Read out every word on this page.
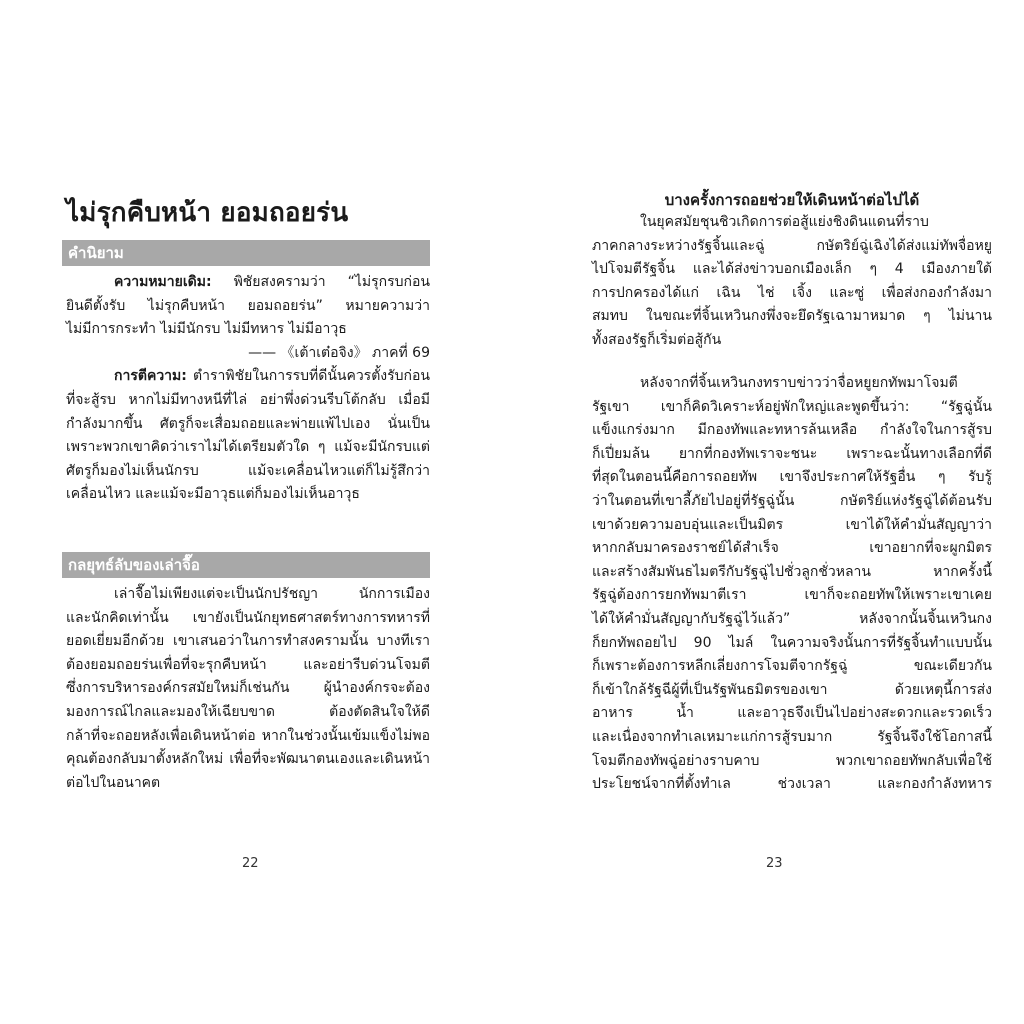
ไม่รุกคืบหน้า ยอมถอยร่น
คำนิยาม
ความหมายเดิม: พิชัยสงครามว่า “ไม่รุกรบก่อน
ยินดีตั้งรับ ไม่รุกคืบหน้า ยอมถอยร่น” หมายความว่า
ไม่มีการกระทำ ไม่มีนักรบ ไม่มีทหาร ไม่มีอาวุธ
—— 《เต้าเต๋อจิง》 ภาคที่ 69
การตีความ: ตำราพิชัยในการรบที่ดีนั้นควรตั้งรับก่อน
ที่จะสู้รบ หากไม่มีทางหนีที่ไล่ อย่าพึ่งด่วนรีบโต้กลับ เมื่อมี
กำลังมากขึ้น ศัตรูก็จะเสื่อมถอยและพ่ายแพ้ไปเอง นั่นเป็น
เพราะพวกเขาคิดว่าเราไม่ได้เตรียมตัวใด ๆ แม้จะมีนักรบแต่
ศัตรูก็มองไม่เห็นนักรบ แม้จะเคลื่อนไหวแต่ก็ไม่รู้สึกว่า
เคลื่อนไหว และแม้จะมีอาวุธแต่ก็มองไม่เห็นอาวุธ
กลยุทธ์ลับของเล่าจื๊อ
เล่าจื๊อไม่เพียงแต่จะเป็นนักปรัชญา นักการเมือง
และนักคิดเท่านั้น เขายังเป็นนักยุทธศาสตร์ทางการทหารที่
ยอดเยี่ยมอีกด้วย เขาเสนอว่าในการทำสงครามนั้น บางทีเรา
ต้องยอมถอยร่นเพื่อที่จะรุกคืบหน้า และอย่ารีบด่วนโจมตี
ซึ่งการบริหารองค์กรสมัยใหม่ก็เช่นกัน ผู้นำองค์กรจะต้อง
มองการณ์ไกลและมองให้เฉียบขาด ต้องตัดสินใจให้ดี
กล้าที่จะถอยหลังเพื่อเดินหน้าต่อ หากในช่วงนั้นเข้มแข็งไม่พอ
คุณต้องกลับมาตั้งหลักใหม่ เพื่อที่จะพัฒนาตนเองและเดินหน้า
ต่อไปในอนาคต
22
บางครั้งการถอยช่วยให้เดินหน้าต่อไปได้
ในยุคสมัยชุนชิวเกิดการต่อสู้แย่งชิงดินแดนที่ราบ
ภาคกลางระหว่างรัฐจิ้นและฉู่ กษัตริย์ฉู่เฉิงได้ส่งแม่ทัพจื่อหยู
ไปโจมตีรัฐจิ้น และได้ส่งข่าวบอกเมืองเล็ก ๆ 4 เมืองภายใต้
การปกครองได้แก่ เฉิน ไช่ เจิ้ง และซู่ เพื่อส่งกองกำลังมา
สมทบ ในขณะที่จิ้นเหวินกงพึ่งจะยึดรัฐเฉามาหมาด ๆ ไม่นาน
ทั้งสองรัฐก็เริ่มต่อสู้กัน
หลังจากที่จิ้นเหวินกงทราบข่าวว่าจื่อหยูยกทัพมาโจมตี
รัฐเขา เขาก็คิดวิเคราะห์อยู่พักใหญ่และพูดขึ้นว่า: “รัฐฉู่นั้น
แข็งแกร่งมาก มีกองทัพและทหารล้นเหลือ กำลังใจในการสู้รบ
ก็เปี่ยมล้น ยากที่กองทัพเราจะชนะ เพราะฉะนั้นทางเลือกที่ดี
ที่สุดในตอนนี้คือการถอยทัพ เขาจึงประกาศให้รัฐอื่น ๆ รับรู้
ว่าในตอนที่เขาลี้ภัยไปอยู่ที่รัฐฉู่นั้น กษัตริย์แห่งรัฐฉู่ได้ต้อนรับ
เขาด้วยความอบอุ่นและเป็นมิตร เขาได้ให้คำมั่นสัญญาว่า
หากกลับมาครองราชย์ได้สำเร็จ เขาอยากที่จะผูกมิตร
และสร้างสัมพันธไมตรีกับรัฐฉู่ไปชั่วลูกชั่วหลาน หากครั้งนี้
รัฐฉู่ต้องการยกทัพมาตีเรา เขาก็จะถอยทัพให้เพราะเขาเคย
ได้ให้คำมั่นสัญญากับรัฐฉู่ไว้แล้ว” หลังจากนั้นจิ้นเหวินกง
ก็ยกทัพถอยไป 90 ไมล์ ในความจริงนั้นการที่รัฐจิ้นทำแบบนั้น
ก็เพราะต้องการหลีกเลี่ยงการโจมตีจากรัฐฉู่ ขณะเดียวกัน
ก็เข้าใกล้รัฐฉีผู้ที่เป็นรัฐพันธมิตรของเขา ด้วยเหตุนี้การส่ง
อาหาร น้ำ และอาวุธจึงเป็นไปอย่างสะดวกและรวดเร็ว
และเนื่องจากทำเลเหมาะแก่การสู้รบมาก รัฐจิ้นจึงใช้โอกาสนี้
โจมตีกองทัพฉู่อย่างราบคาบ พวกเขาถอยทัพกลับเพื่อใช้
ประโยชน์จากที่ตั้งทำเล ช่วงเวลา และกองกำลังทหาร
23
